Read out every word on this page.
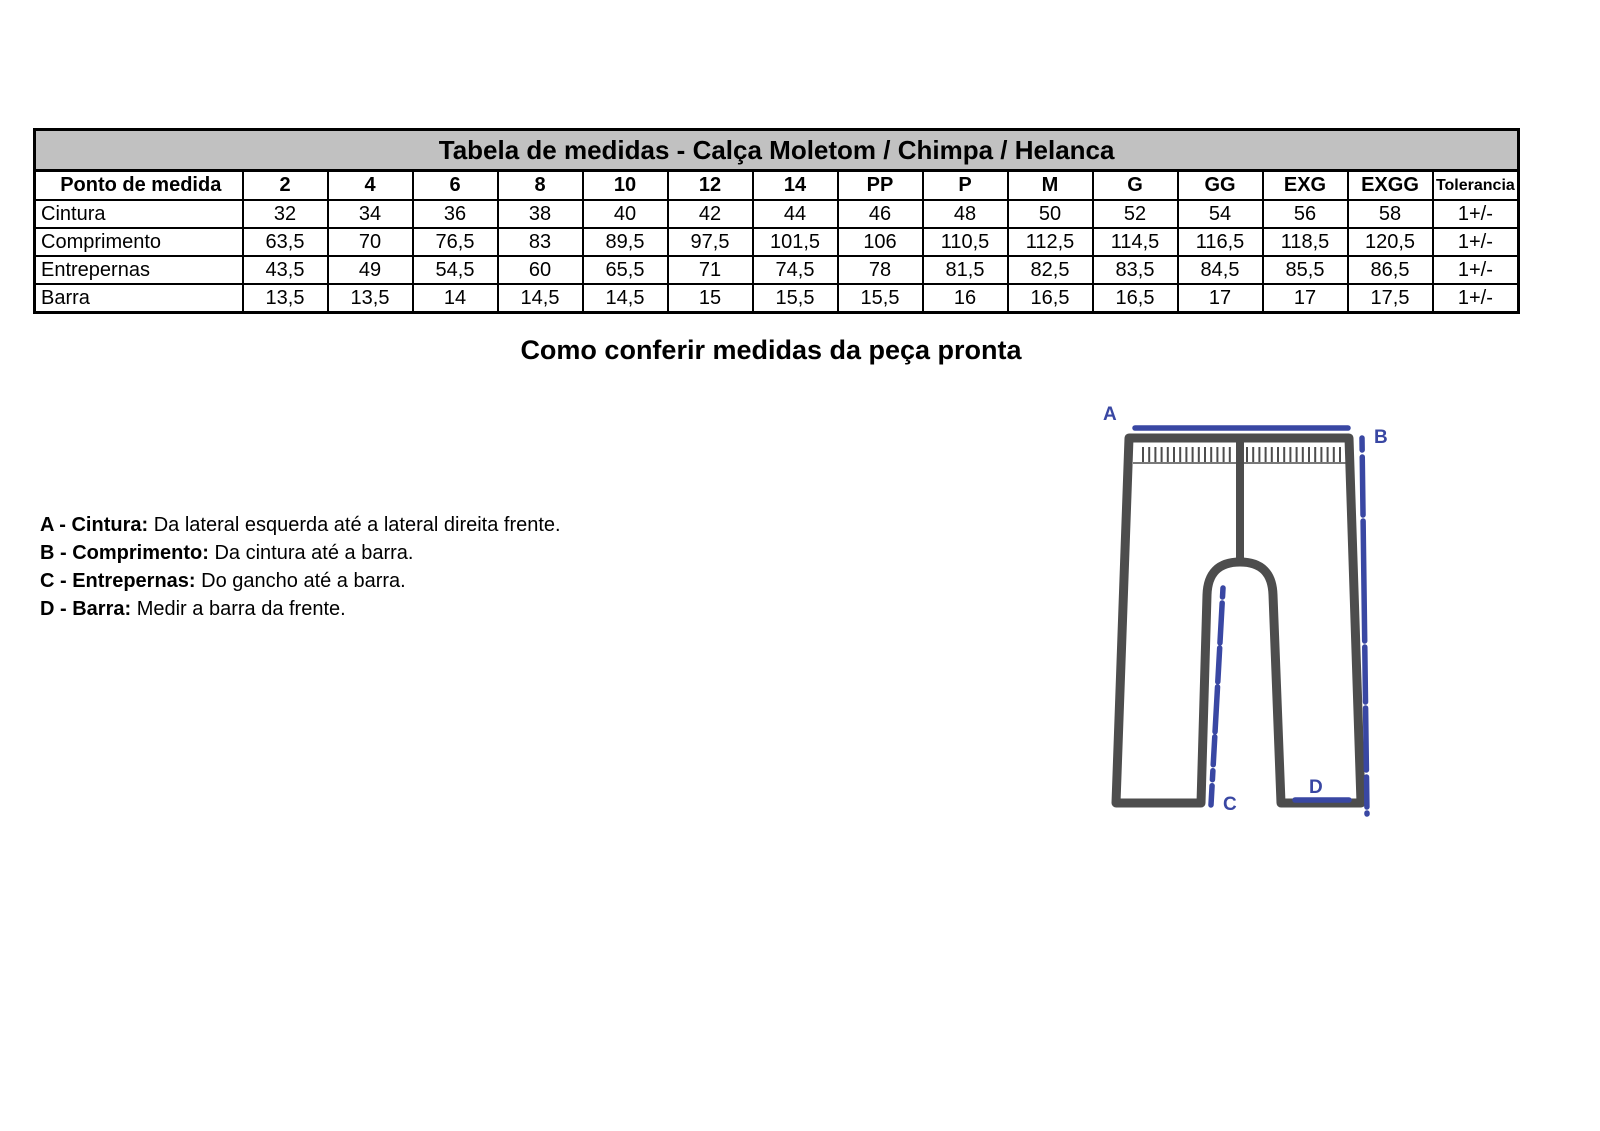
Tabela de medidas - Calça Moletom / Chimpa / Helanca															
Ponto de medida	2	4	6	8	10	12	14	PP	P	M	G	GG	EXG	EXGG	Tolerancia
Cintura	32	34	36	38	40	42	44	46	48	50	52	54	56	58	1+/-
Comprimento	63,5	70	76,5	83	89,5	97,5	101,5	106	110,5	112,5	114,5	116,5	118,5	120,5	1+/-
Entrepernas	43,5	49	54,5	60	65,5	71	74,5	78	81,5	82,5	83,5	84,5	85,5	86,5	1+/-
Barra	13,5	13,5	14	14,5	14,5	15	15,5	15,5	16	16,5	16,5	17	17	17,5	1+/-
Como conferir medidas da peça pronta

A - Cintura: Da lateral esquerda até a lateral direita frente.

B - Comprimento: Da cintura até a barra.

C - Entrepernas: Do gancho até a barra.

D - Barra: Medir a barra da frente.

A
B
C
D
